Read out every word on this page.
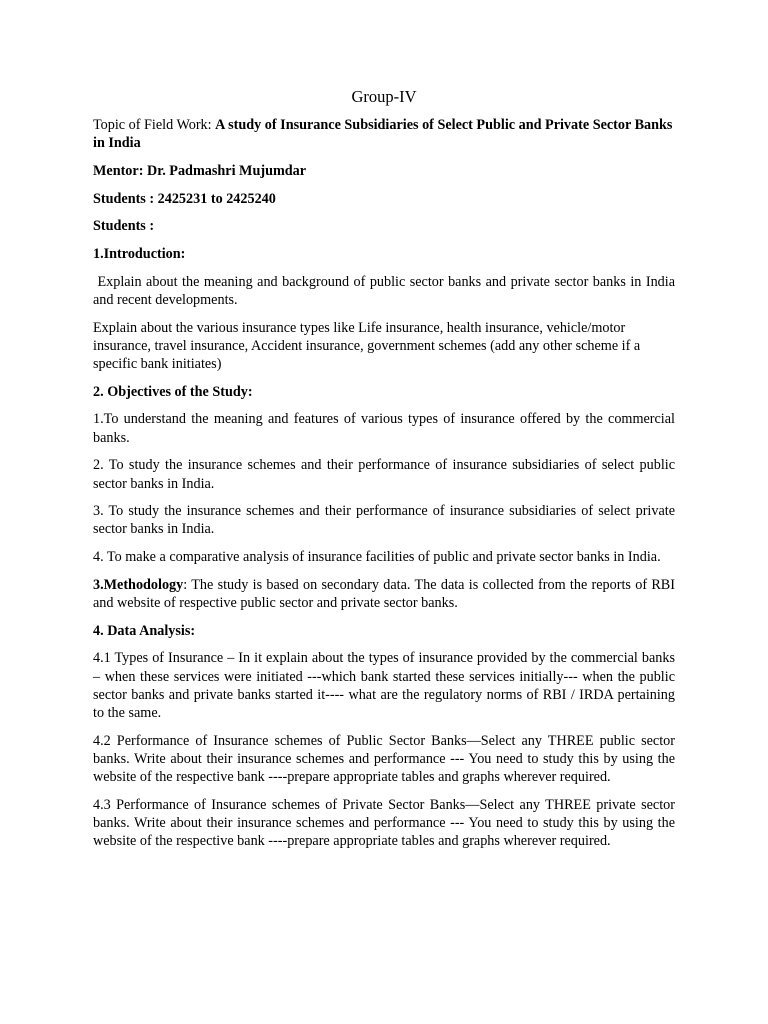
Group-IV

Topic of Field Work: A study of Insurance Subsidiaries of Select Public and Private Sector Banks in India

Mentor: Dr. Padmashri Mujumdar

Students : 2425231 to 2425240

Students :

1.Introduction:

Explain about the meaning and background of public sector banks and private sector banks in India and recent developments.

Explain about the various insurance types like Life insurance, health insurance, vehicle/motor insurance, travel insurance, Accident insurance, government schemes (add any other scheme if a specific bank initiates)

2. Objectives of the Study:

1.To understand the meaning and features of various types of insurance offered by the commercial banks.

2. To study the insurance schemes and their performance of insurance subsidiaries of select public sector banks in India.

3. To study the insurance schemes and their performance of insurance subsidiaries of select private sector banks in India.

4. To make a comparative analysis of insurance facilities of public and private sector banks in India.

3.Methodology: The study is based on secondary data. The data is collected from the reports of RBI and website of respective public sector and private sector banks.

4. Data Analysis:

4.1 Types of Insurance – In it explain about the types of insurance provided by the commercial banks – when these services were initiated ---which bank started these services initially--- when the public sector banks and private banks started it---- what are the regulatory norms of RBI / IRDA pertaining to the same.

4.2 Performance of Insurance schemes of Public Sector Banks—Select any THREE public sector banks. Write about their insurance schemes and performance --- You need to study this by using the website of the respective bank ----prepare appropriate tables and graphs wherever required.

4.3 Performance of Insurance schemes of Private Sector Banks—Select any THREE private sector banks. Write about their insurance schemes and performance --- You need to study this by using the website of the respective bank ----prepare appropriate tables and graphs wherever required.
